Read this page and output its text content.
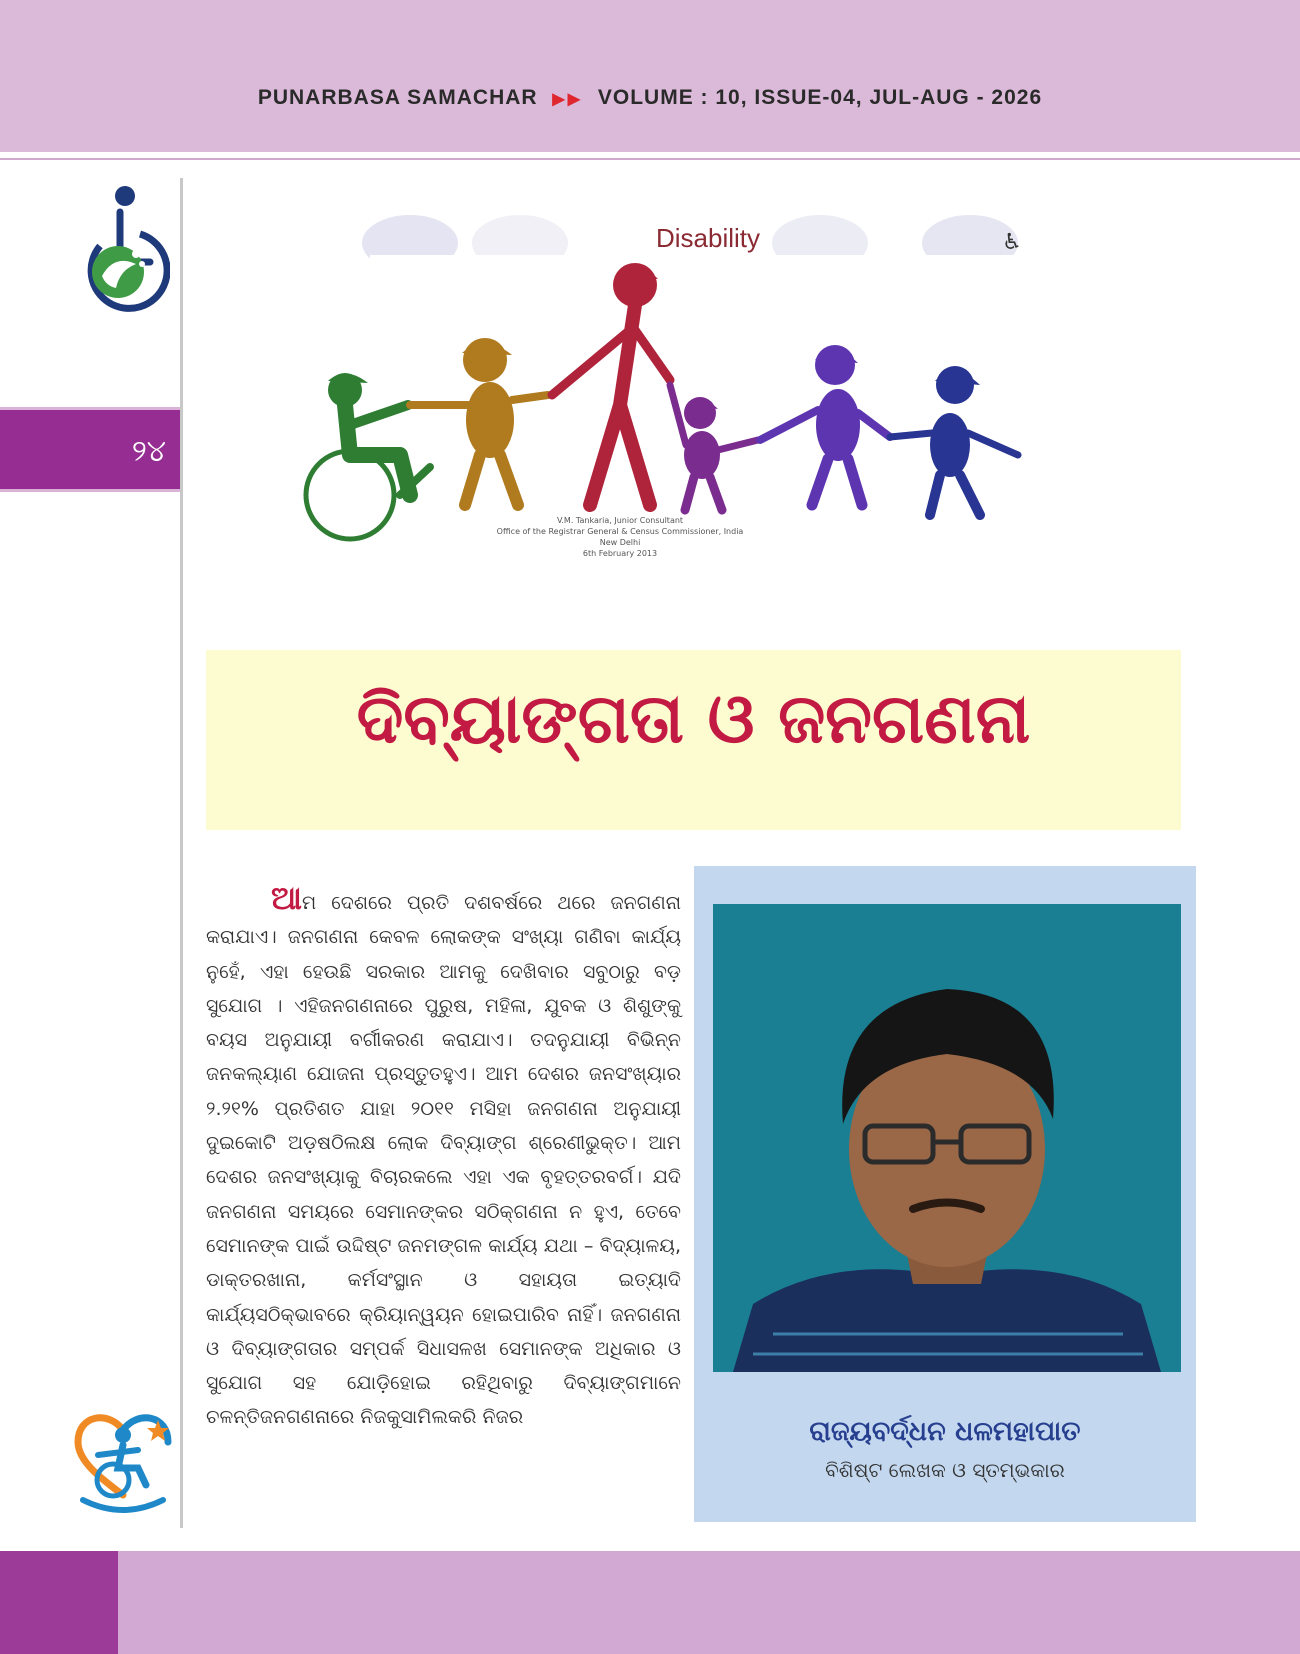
PUNARBASA SAMACHAR ▶▶ VOLUME : 10, ISSUE-04, JUL-AUG - 2026
୨୪
Disability	♿
V.M. Tankaria, Junior Consultant
Office of the Registrar General & Census Commissioner, India
New Delhi
6th February 2013
ଦିବ୍ୟାଙ୍ଗତା ଓ ଜନଗଣନା
ଆମ ଦେଶରେ ପ୍ରତି ଦଶବର୍ଷରେ ଥରେ ଜନଗଣନା କରାଯାଏ। ଜନଗଣନା କେବଳ ଲୋକଙ୍କ ସଂଖ୍ୟା ଗଣିବା କାର୍ଯ୍ୟ ନୁହେଁ, ଏହା ହେଉଛି ସରକାର ଆମକୁ ଦେଖିବାର ସବୁଠାରୁ ବଡ଼ ସୁଯୋଗ । ଏହିଜନଗଣନାରେ ପୁରୁଷ, ମହିଳା, ଯୁବକ ଓ ଶିଶୁଙ୍କୁ ବୟସ ଅନୁଯାୟୀ ବର୍ଗୀକରଣ କରାଯାଏ। ତଦନୁଯାୟୀ ବିଭିନ୍ନ ଜନକଲ୍ୟାଣ ଯୋଜନା ପ୍ରସ୍ତୁତହୁଏ। ଆମ ଦେଶର ଜନସଂଖ୍ୟାର ୨.୨୧% ପ୍ରତିଶତ ଯାହା ୨୦୧୧ ମସିହା ଜନଗଣନା ଅନୁଯାୟୀ ଦୁଇକୋଟି ଅଡ଼ଷଠିଲକ୍ଷ ଲୋକ ଦିବ୍ୟାଙ୍ଗ ଶ୍ରେଣୀଭୁକ୍ତ। ଆମ ଦେଶର ଜନସଂଖ୍ୟାକୁ ବିଚାରକଲେ ଏହା ଏକ ବୃହତ୍ତରବର୍ଗ। ଯଦି ଜନଗଣନା ସମୟରେ ସେମାନଙ୍କର ସଠିକ୍‌ଗଣନା ନ ହୁଏ, ତେବେ ସେମାନଙ୍କ ପାଇଁ ଉଦ୍ଦିଷ୍ଟ ଜନମଙ୍ଗଳ କାର୍ଯ୍ୟ ଯଥା – ବିଦ୍ୟାଳୟ, ଡାକ୍ତରଖାନା, କର୍ମସଂସ୍ଥାନ ଓ ସହାୟତା ଇତ୍ୟାଦି କାର୍ଯ୍ୟସଠିକ୍‌ଭାବରେ କ୍ରିୟାନ୍ୱୟନ ହୋଇପାରିବ ନାହିଁ। ଜନଗଣନା ଓ ଦିବ୍ୟାଙ୍ଗତାର ସମ୍ପର୍କ ସିଧାସଳଖ ସେମାନଙ୍କ ଅଧିକାର ଓ ସୁଯୋଗ ସହ ଯୋଡ଼ିହୋଇ ରହିଥିବାରୁ ଦିବ୍ୟାଙ୍ଗମାନେ ଚଳନ୍ତିଜନଗଣନାରେ ନିଜକୁସାମିଲକରି ନିଜର	ରାଜ୍ୟବର୍ଦ୍ଧନ ଧଳମହାପାତ
ବିଶିଷ୍ଟ ଲେଖକ ଓ ସ୍ତମ୍ଭକାର
